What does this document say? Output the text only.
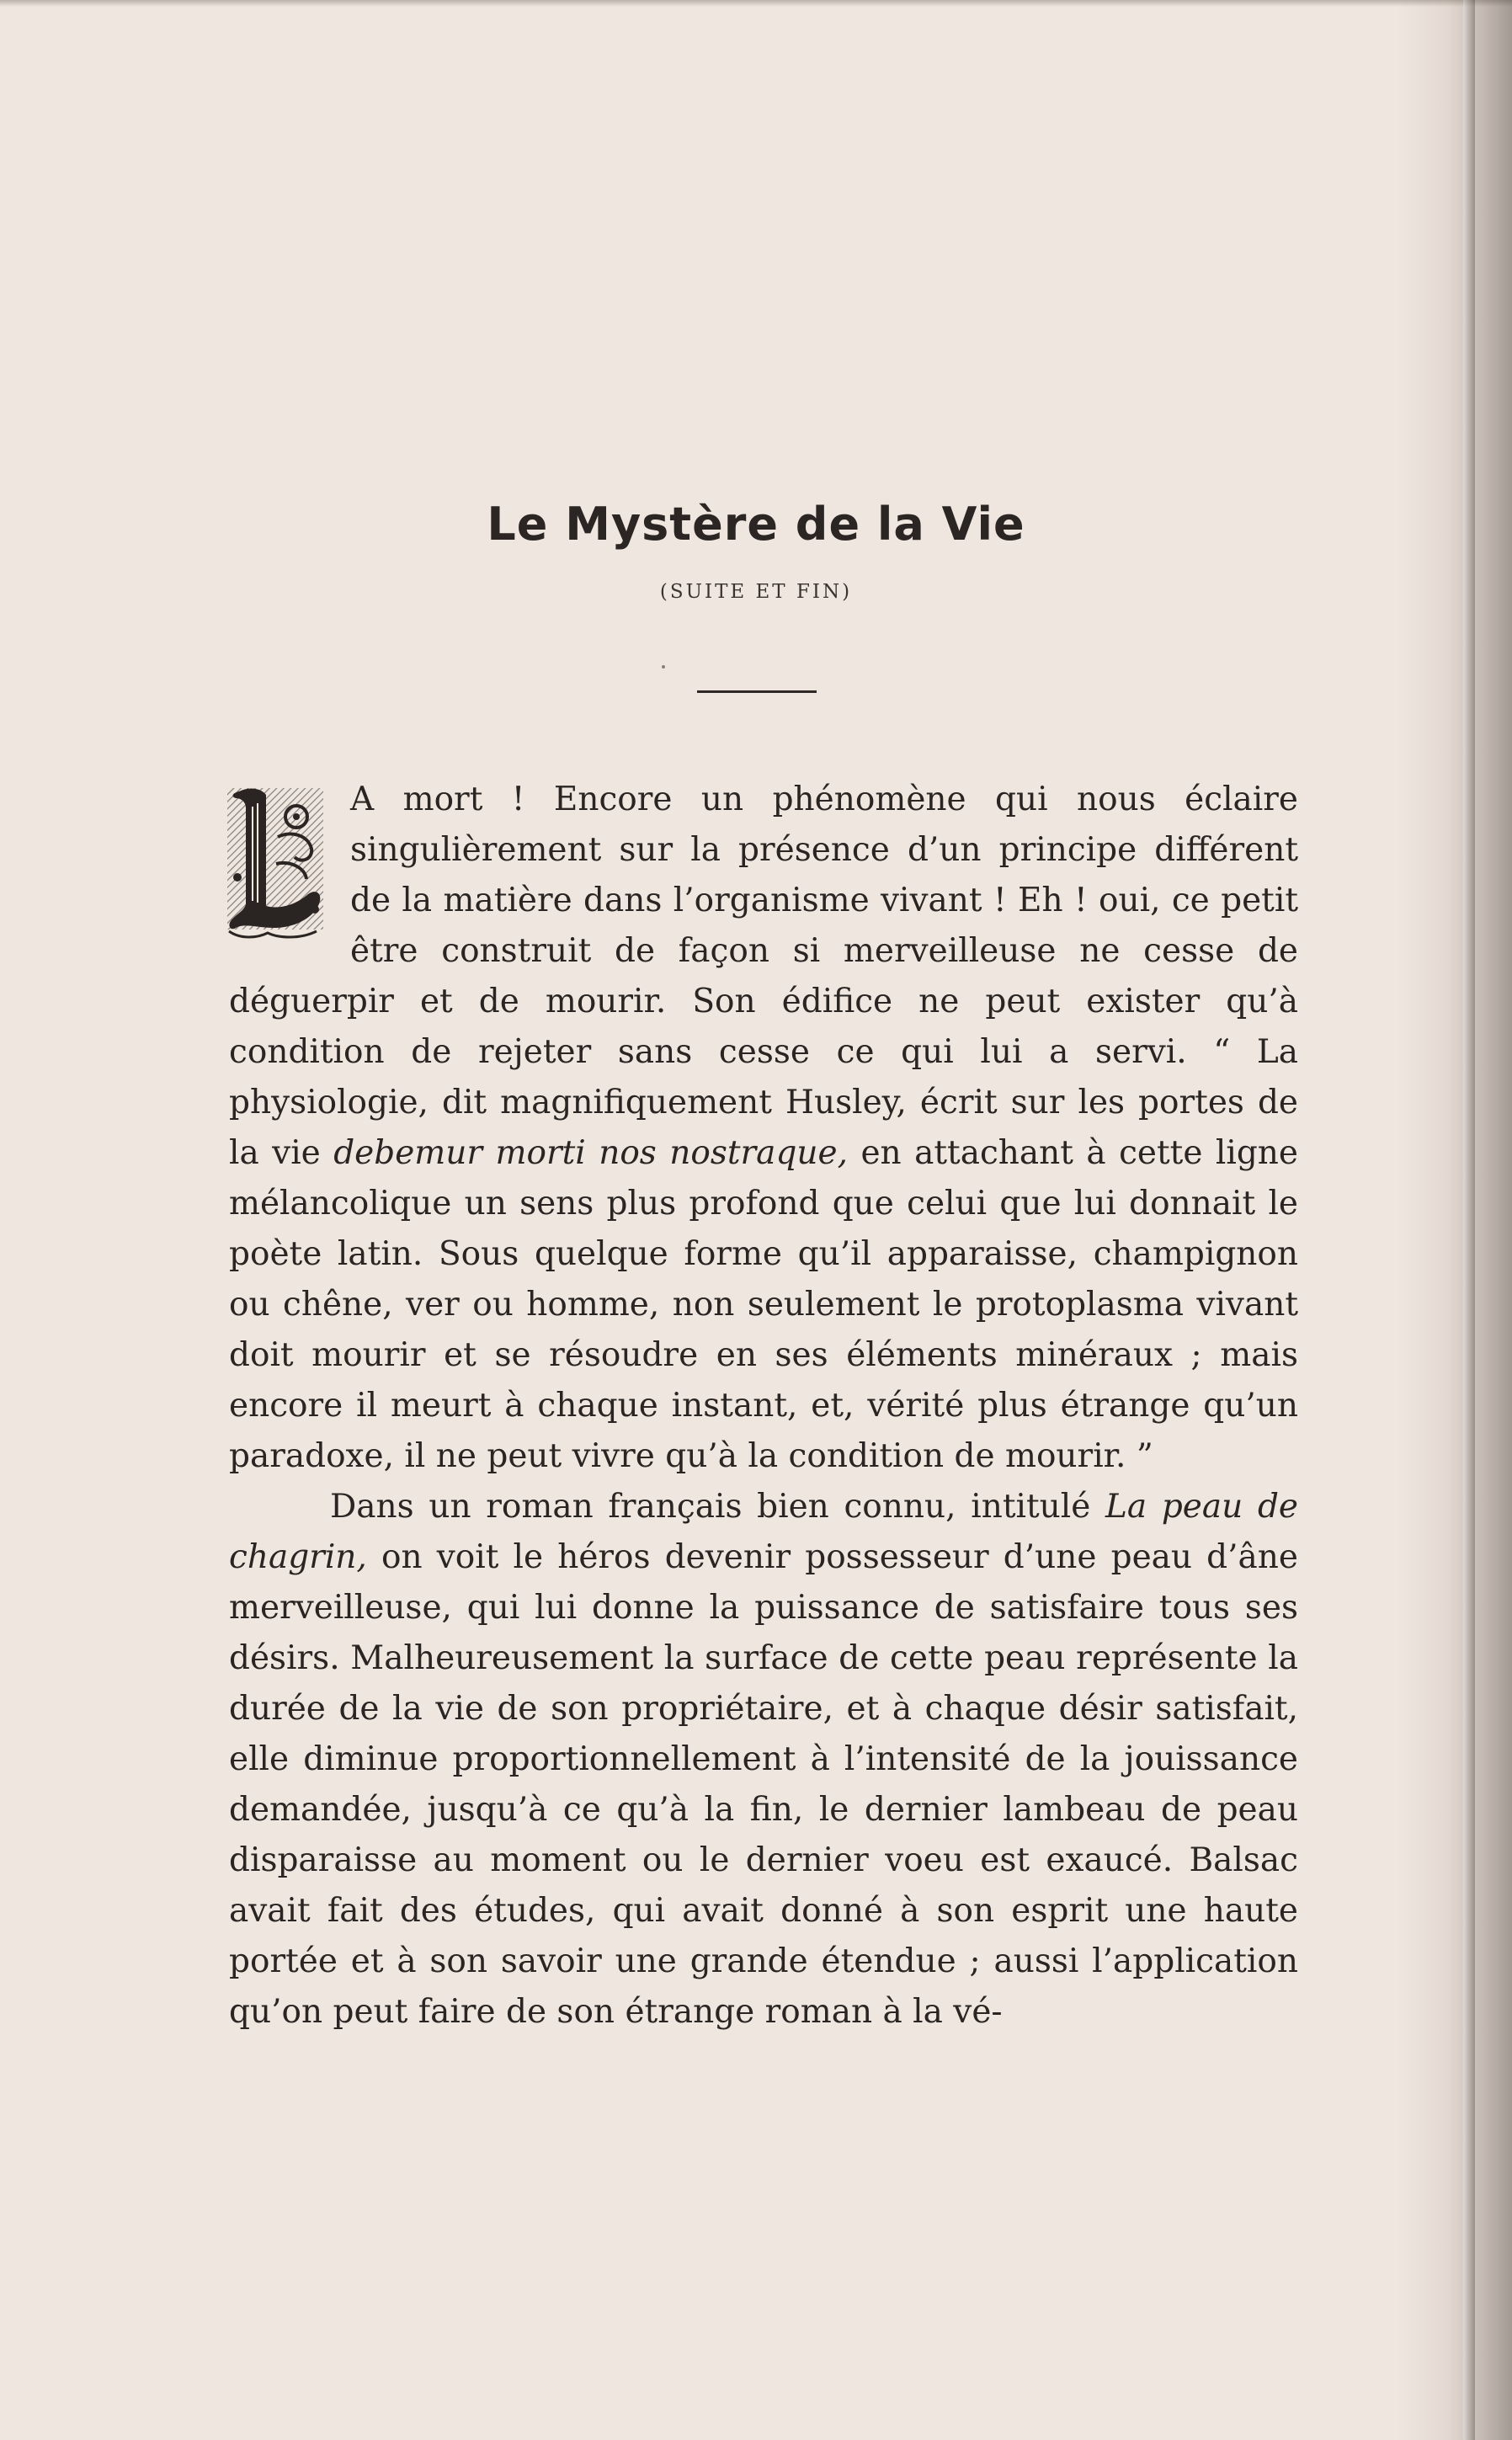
Le Mystère de la Vie
(SUITE ET FIN)

A mort ! Encore un phénomène qui nous éclaire singulièrement sur la présence d’un principe différent de la matière dans l’organisme vivant ! Eh ! oui, ce petit être construit de façon si merveilleuse ne cesse de déguerpir et de mourir. Son édifice ne peut exister qu’à condition de rejeter sans cesse ce qui lui a servi. “ La physiologie, dit magnifiquement Husley, écrit sur les portes de la vie debemur morti nos nostraque, en attachant à cette ligne mélancolique un sens plus profond que celui que lui donnait le poète latin. Sous quelque forme qu’il apparaisse, champignon ou chêne, ver ou homme, non seulement le protoplasma vivant doit mourir et se résoudre en ses éléments minéraux ; mais encore il meurt à chaque instant, et, vérité plus étrange qu’un paradoxe, il ne peut vivre qu’à la condition de mourir. ”

Dans un roman français bien connu, intitulé La peau de chagrin, on voit le héros devenir possesseur d’une peau d’âne merveilleuse, qui lui donne la puissance de satisfaire tous ses désirs. Malheureusement la surface de cette peau représente la durée de la vie de son propriétaire, et à chaque désir satisfait, elle diminue proportionnellement à l’intensité de la jouissance demandée, jusqu’à ce qu’à la fin, le dernier lambeau de peau disparaisse au moment ou le dernier voeu est exaucé. Balsac avait fait des études, qui avait donné à son esprit une haute portée et à son savoir une grande étendue ; aussi l’application qu’on peut faire de son étrange roman à la vé-
